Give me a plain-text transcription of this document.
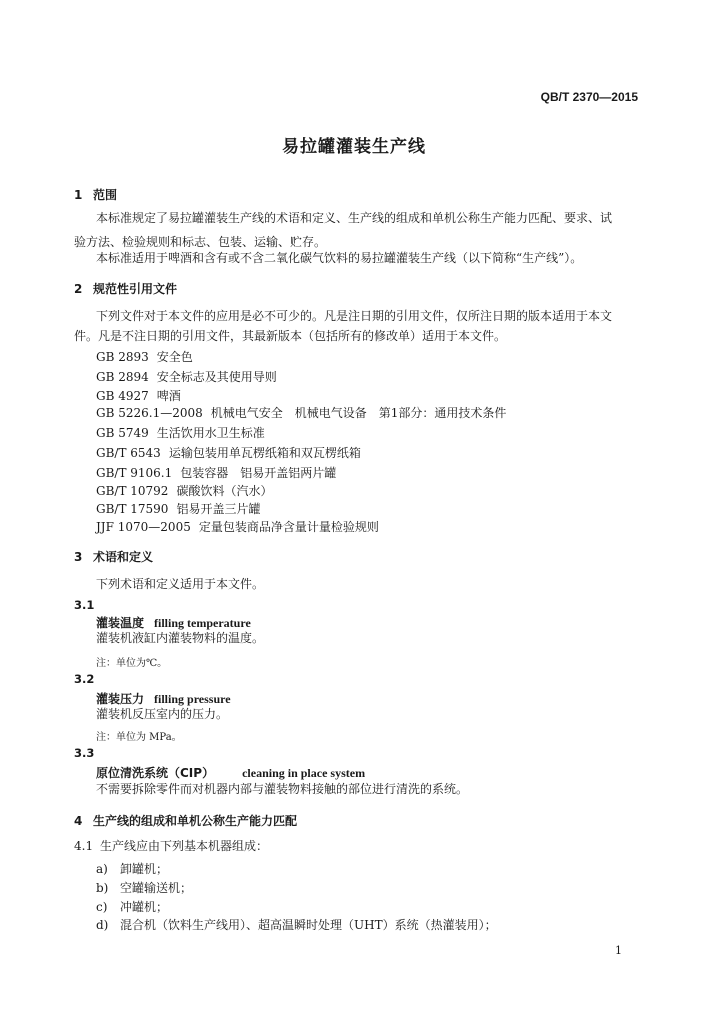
QB/T 2370—2015
易拉罐灌装生产线
1 范围
本标准规定了易拉罐灌装生产线的术语和定义、生产线的组成和单机公称生产能力匹配、要求、试
验方法、检验规则和标志、包装、运输、贮存。
本标准适用于啤酒和含有或不含二氧化碳气饮料的易拉罐灌装生产线（以下简称“生产线”）。
2 规范性引用文件
下列文件对于本文件的应用是必不可少的。凡是注日期的引用文件，仅所注日期的版本适用于本文
件。凡是不注日期的引用文件，其最新版本（包括所有的修改单）适用于本文件。
GB 2893 安全色
GB 2894 安全标志及其使用导则
GB 4927 啤酒
GB 5226.1—2008 机械电气安全　机械电气设备　第1部分：通用技术条件
GB 5749 生活饮用水卫生标准
GB/T 6543 运输包装用单瓦楞纸箱和双瓦楞纸箱
GB/T 9106.1 包装容器　铝易开盖铝两片罐
GB/T 10792 碳酸饮料（汽水）
GB/T 17590 铝易开盖三片罐
JJF 1070—2005 定量包装商品净含量计量检验规则
3 术语和定义
下列术语和定义适用于本文件。
3.1
灌装温度 filling temperature
灌装机液缸内灌装物料的温度。
注：单位为℃。
3.2
灌装压力 filling pressure
灌装机反压室内的压力。
注：单位为 MPa。
3.3
原位清洗系统（CIP） cleaning in place system
不需要拆除零件而对机器内部与灌装物料接触的部位进行清洗的系统。
4 生产线的组成和单机公称生产能力匹配
4.1 生产线应由下列基本机器组成：
a) 卸罐机；
b) 空罐输送机；
c) 冲罐机；
d) 混合机（饮料生产线用）、超高温瞬时处理（UHT）系统（热灌装用）；
1
